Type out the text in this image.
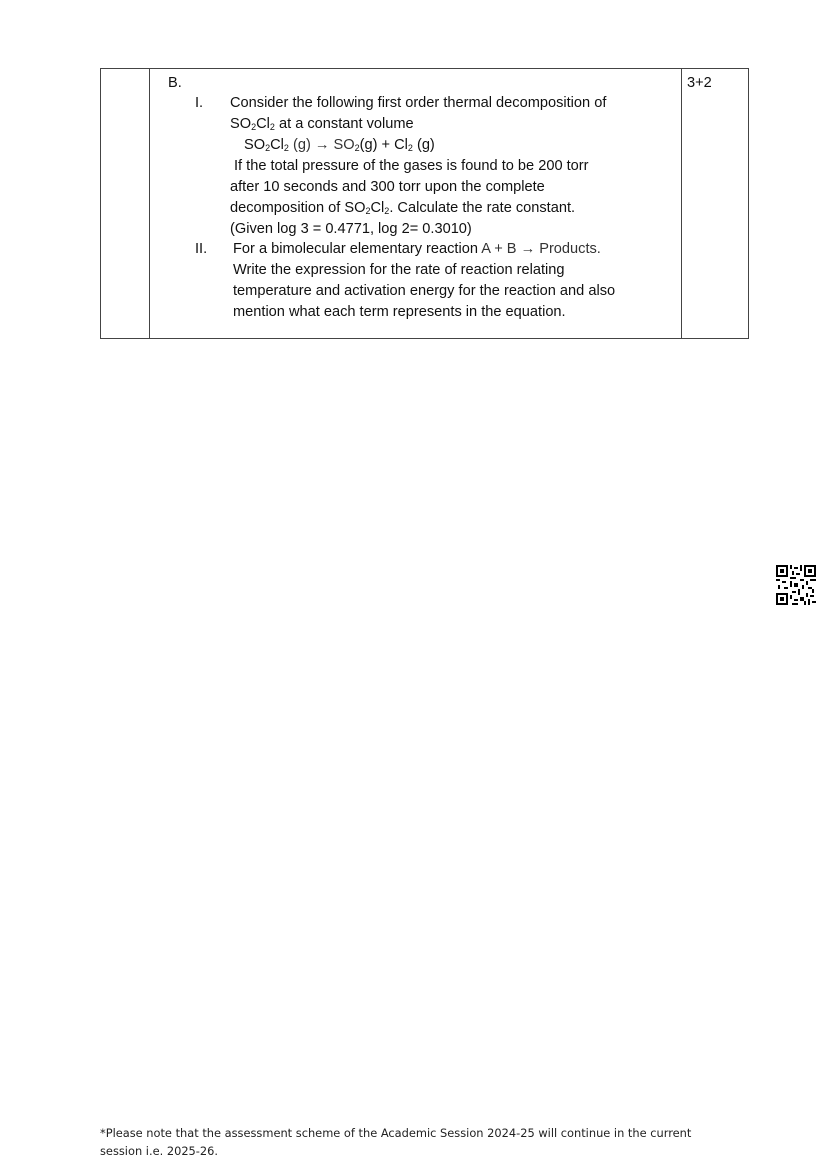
B.
I. Consider the following first order thermal decomposition of
$SO_2Cl_2$ at a constant volume
$SO_2Cl_2$ $(g) \to SO_2(g) + Cl_2$ (g)
If the total pressure of the gases is found to be 200 torr
after 10 seconds and 300 torr upon the complete
decomposition of $SO_2Cl_2$. Calculate the rate constant.
(Given log 3 = 0.4771, log 2= 0.3010)
II. For a bimolecular elementary reaction A + B → Products.
Write the expression for the rate of reaction relating
temperature and activation energy for the reaction and also
mention what each term represents in the equation.
3+2
*Please note that the assessment scheme of the Academic Session 2024-25 will continue in the current
session i.e. 2025-26.
